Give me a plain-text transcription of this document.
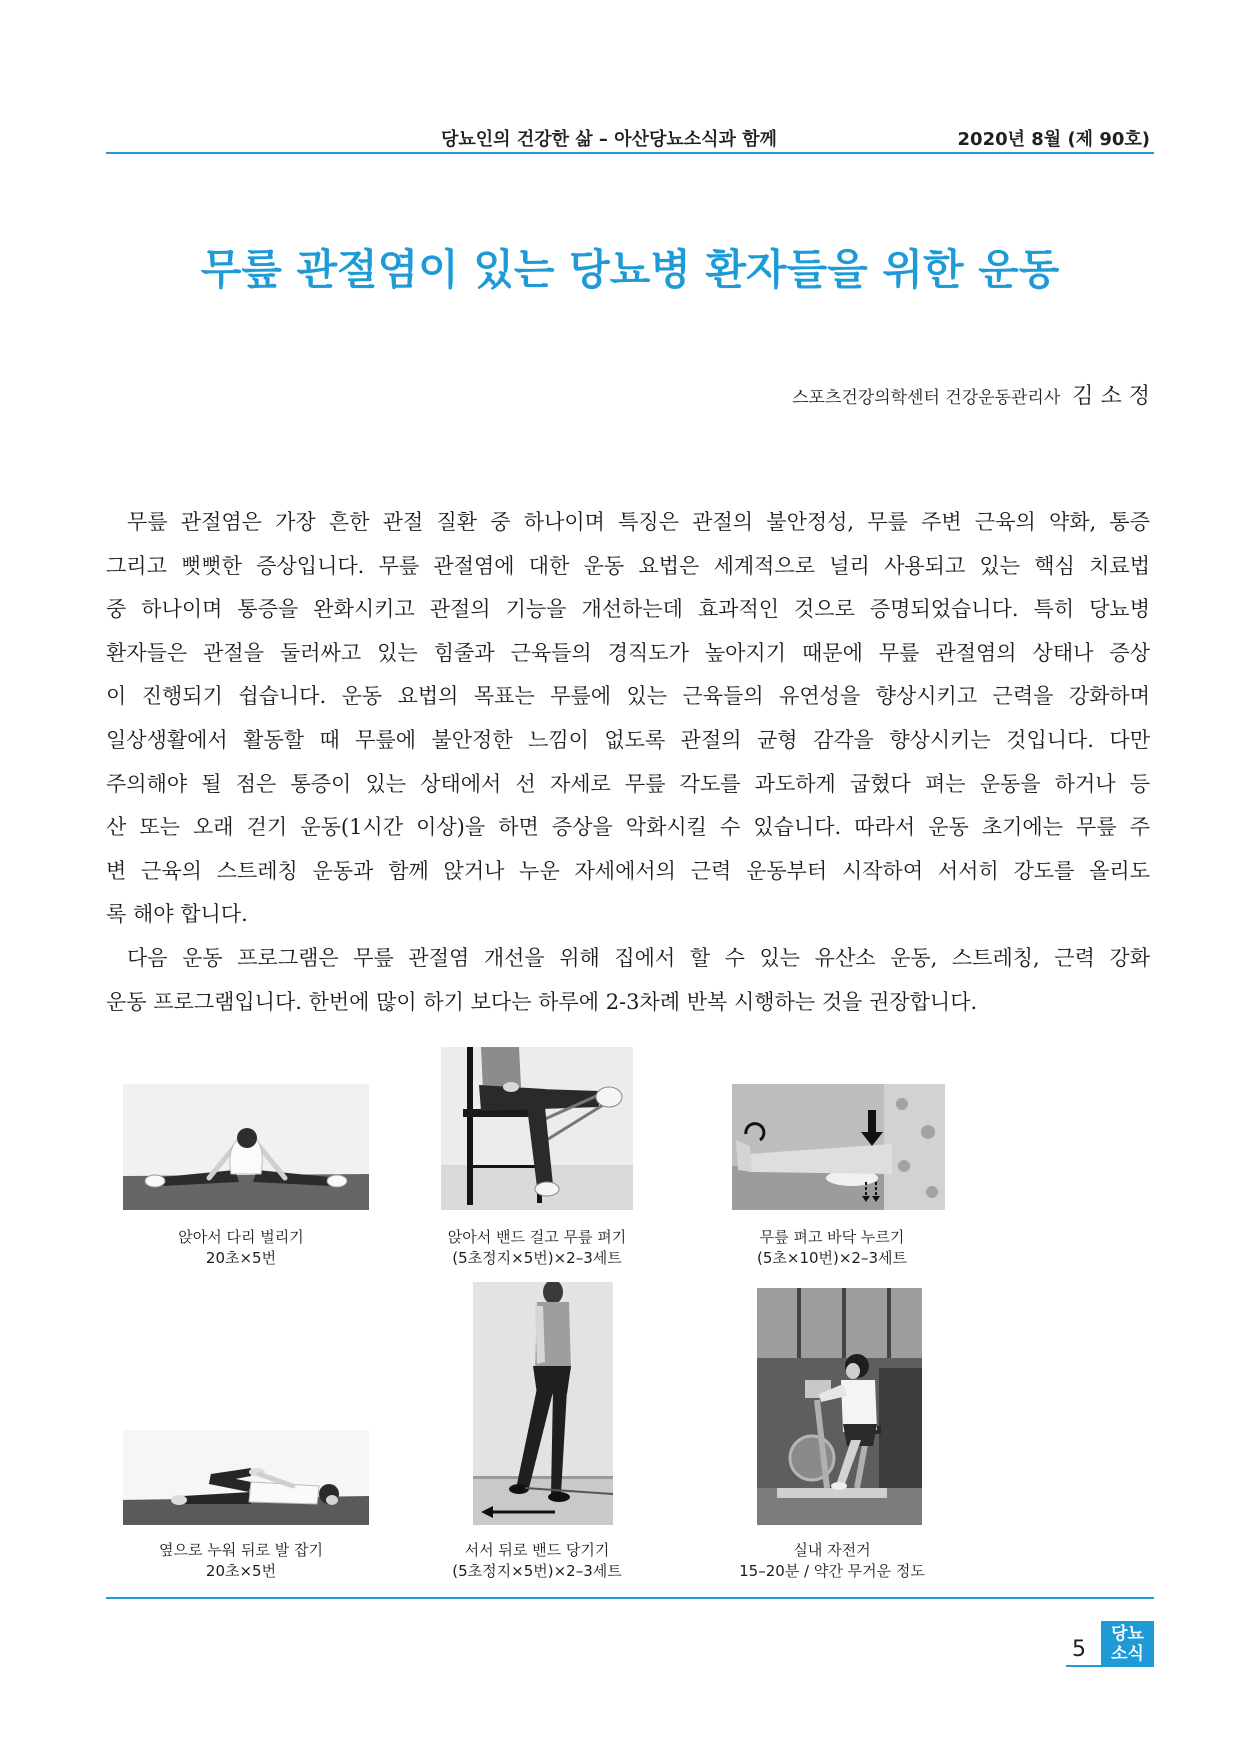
당뇨인의 건강한 삶 – 아산당뇨소식과 함께	2020년 8월 (제 90호)
무릎 관절염이 있는 당뇨병 환자들을 위한 운동
스포츠건강의학센터 건강운동관리사 김 소 정
무릎 관절염은 가장 흔한 관절 질환 중 하나이며 특징은 관절의 불안정성, 무릎 주변 근육의 약화, 통증
그리고 뻣뻣한 증상입니다. 무릎 관절염에 대한 운동 요법은 세계적으로 널리 사용되고 있는 핵심 치료법
중 하나이며 통증을 완화시키고 관절의 기능을 개선하는데 효과적인 것으로 증명되었습니다. 특히 당뇨병
환자들은 관절을 둘러싸고 있는 힘줄과 근육들의 경직도가 높아지기 때문에 무릎 관절염의 상태나 증상
이 진행되기 쉽습니다. 운동 요법의 목표는 무릎에 있는 근육들의 유연성을 향상시키고 근력을 강화하며
일상생활에서 활동할 때 무릎에 불안정한 느낌이 없도록 관절의 균형 감각을 향상시키는 것입니다. 다만
주의해야 될 점은 통증이 있는 상태에서 선 자세로 무릎 각도를 과도하게 굽혔다 펴는 운동을 하거나 등
산 또는 오래 걷기 운동(1시간 이상)을 하면 증상을 악화시킬 수 있습니다. 따라서 운동 초기에는 무릎 주
변 근육의 스트레칭 운동과 함께 앉거나 누운 자세에서의 근력 운동부터 시작하여 서서히 강도를 올리도
록 해야 합니다.
다음 운동 프로그램은 무릎 관절염 개선을 위해 집에서 할 수 있는 유산소 운동, 스트레칭, 근력 강화
운동 프로그램입니다. 한번에 많이 하기 보다는 하루에 2-3차례 반복 시행하는 것을 권장합니다.
앉아서 다리 벌리기
20초×5번
앉아서 밴드 걸고 무릎 펴기
(5초정지×5번)×2–3세트
무릎 펴고 바닥 누르기
(5초×10번)×2–3세트
옆으로 누워 뒤로 발 잡기
20초×5번
서서 뒤로 밴드 당기기
(5초정지×5번)×2–3세트
실내 자전거
15–20분 / 약간 무거운 정도
5
당뇨
소식
